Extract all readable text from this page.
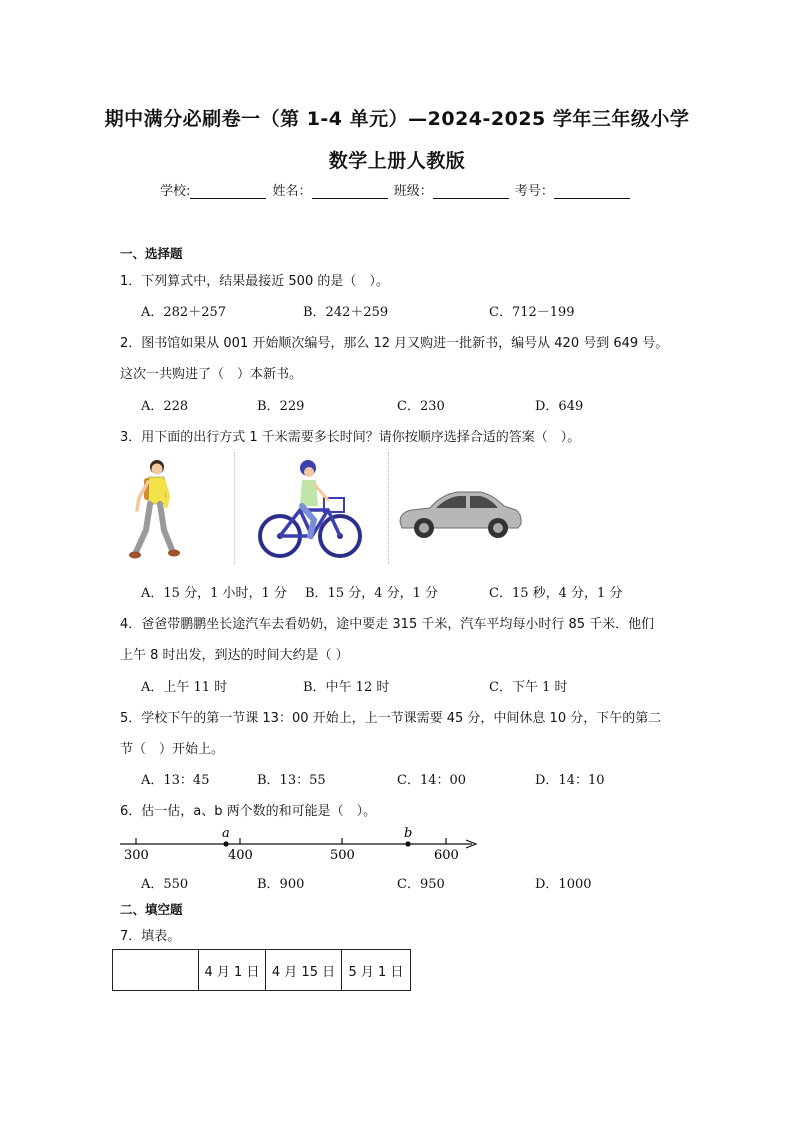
期中满分必刷卷一（第 1-4 单元）—2024-2025 学年三年级小学
数学上册人教版
学校:	姓名：	班级：	考号：
一、选择题
1．下列算式中，结果最接近 500 的是（　）。
A．282＋257	B．242＋259	C．712－199
2．图书馆如果从 001 开始顺次编号，那么 12 月又购进一批新书，编号从 420 号到 649 号。
这次一共购进了（　）本新书。
A．228	B．229	C．230	D．649
3．用下面的出行方式 1 千米需要多长时间？请你按顺序选择合适的答案（　）。
A．15 分，1 小时，1 分 B．15 分，4 分，1 分	C．15 秒，4 分，1 分
4．爸爸带鹏鹏坐长途汽车去看奶奶，途中要走 315 千米，汽车平均每小时行 85 千米．他们
上午 8 时出发，到达的时间大约是（ ）
A．上午 11 时	B．中午 12 时	C．下午 1 时
5．学校下午的第一节课 13：00 开始上，上一节课需要 45 分，中间休息 10 分，下午的第二
节（　）开始上。
A．13：45	B．13：55	C．14：00	D．14：10
6．估一估，a、b 两个数的和可能是（　）。
a	b
300	400	500	600
A．550	B．900	C．950	D．1000
二、填空题
7．填表。
	4 月 1 日	4 月 15 日	5 月 1 日
